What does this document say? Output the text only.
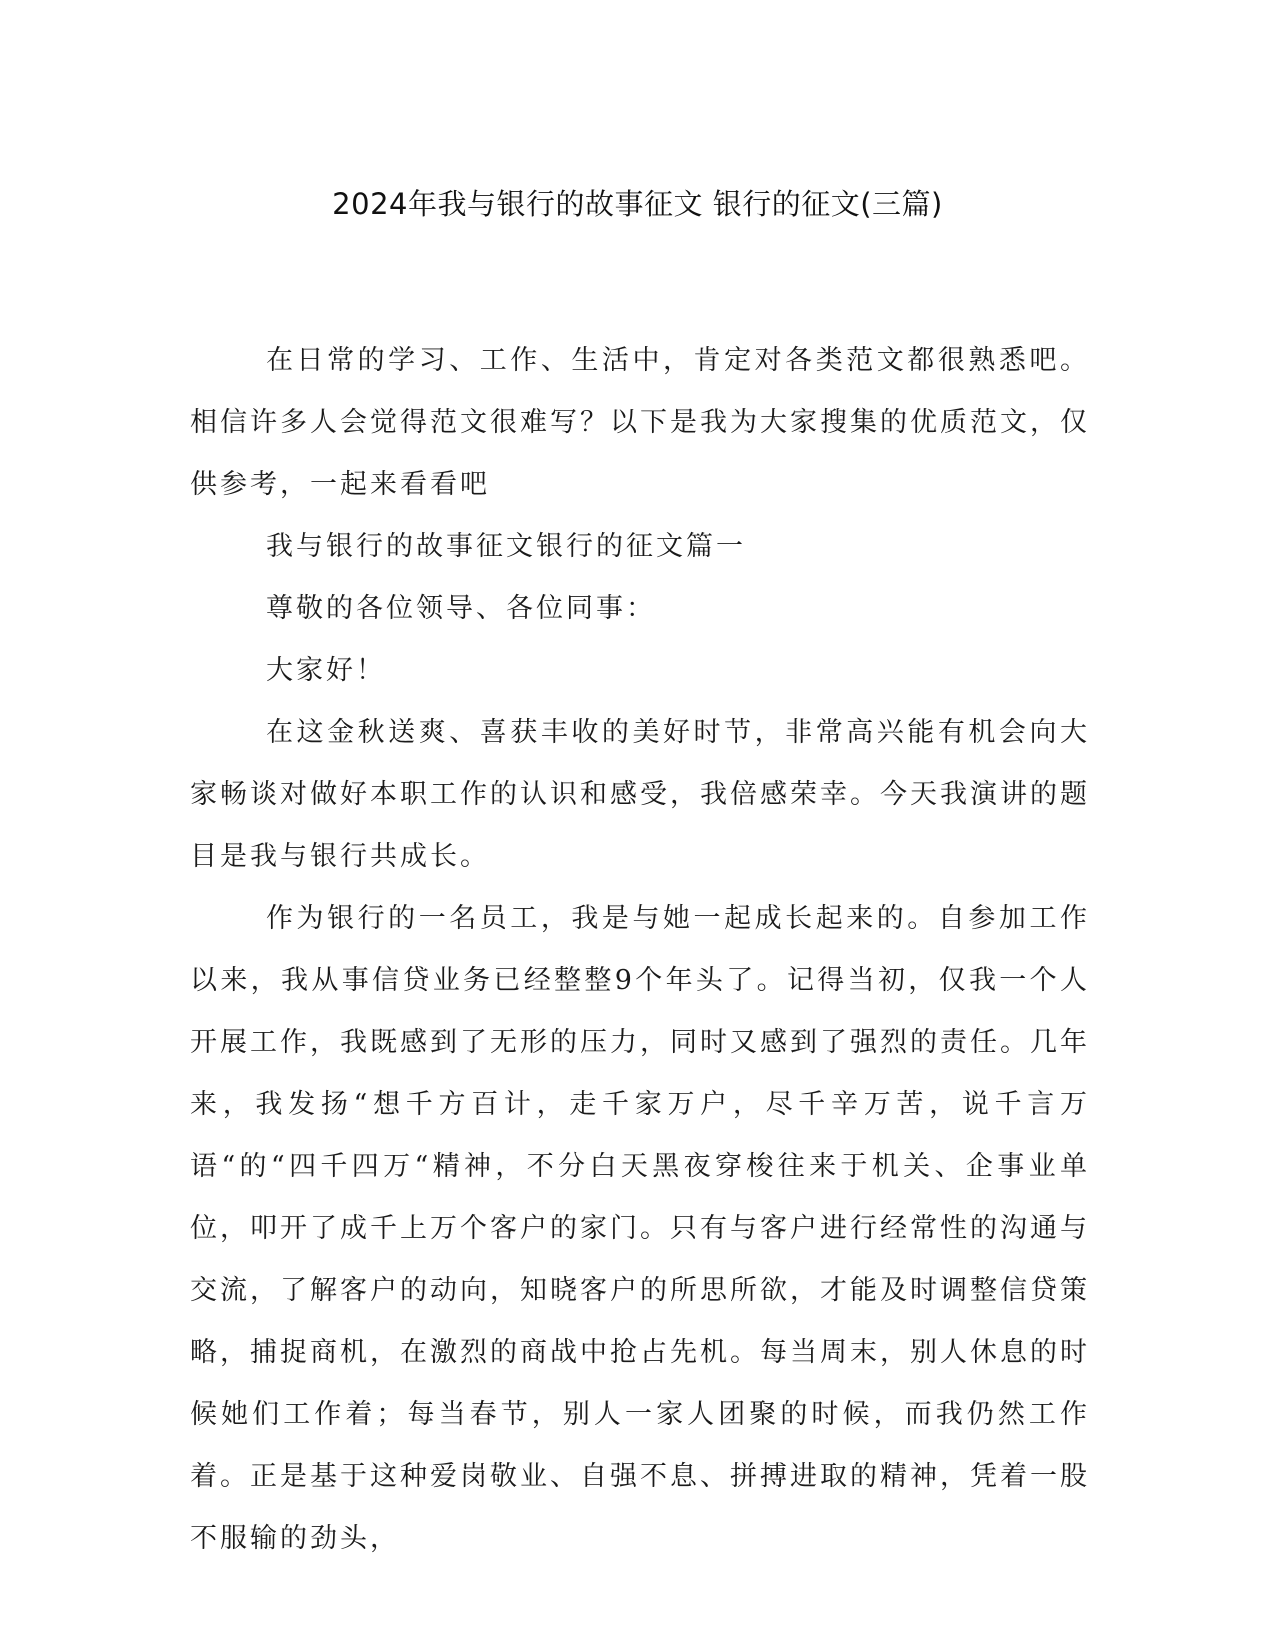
2024年我与银行的故事征文 银行的征文(三篇)

在日常的学习、工作、生活中，肯定对各类范文都很熟悉吧。相信许多人会觉得范文很难写？以下是我为大家搜集的优质范文，仅供参考，一起来看看吧

我与银行的故事征文银行的征文篇一

尊敬的各位领导、各位同事：

大家好！

在这金秋送爽、喜获丰收的美好时节，非常高兴能有机会向大家畅谈对做好本职工作的认识和感受，我倍感荣幸。今天我演讲的题目是我与银行共成长。

作为银行的一名员工，我是与她一起成长起来的。自参加工作以来，我从事信贷业务已经整整9个年头了。记得当初，仅我一个人开展工作，我既感到了无形的压力，同时又感到了强烈的责任。几年来，我发扬“想千方百计，走千家万户，尽千辛万苦，说千言万语“的“四千四万“精神，不分白天黑夜穿梭往来于机关、企事业单位，叩开了成千上万个客户的家门。只有与客户进行经常性的沟通与交流，了解客户的动向，知晓客户的所思所欲，才能及时调整信贷策略，捕捉商机，在激烈的商战中抢占先机。每当周末，别人休息的时候她们工作着；每当春节，别人一家人团聚的时候，而我仍然工作着。正是基于这种爱岗敬业、自强不息、拼搏进取的精神，凭着一股不服输的劲头，
